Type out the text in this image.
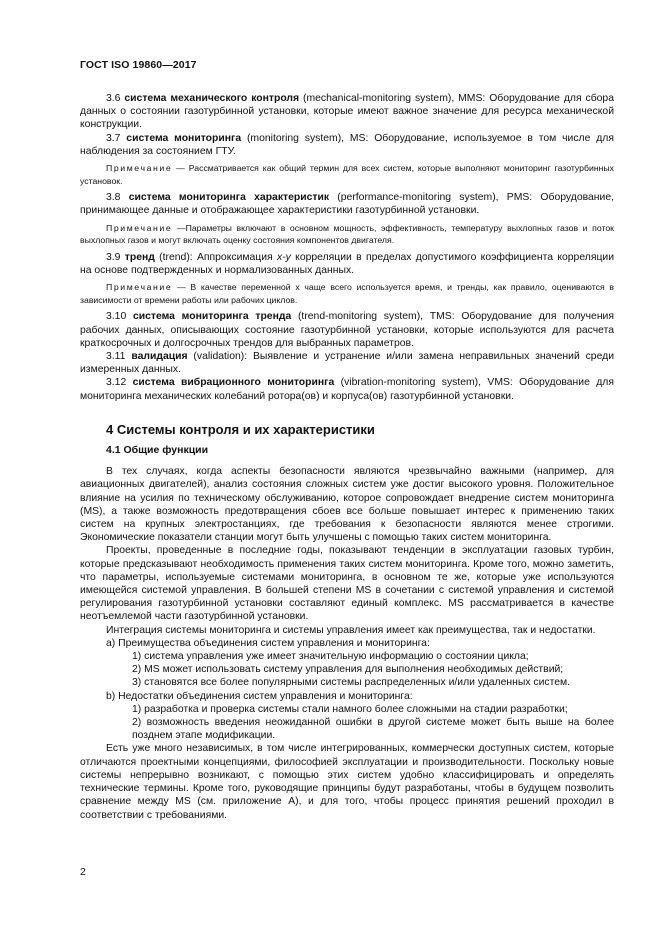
ГОСТ ISO 19860—2017

3.6 система механического контроля (mechanical-monitoring system), MMS: Оборудование для сбора данных о состоянии газотурбинной установки, которые имеют важное значение для ресурса механической конструкции.

3.7 система мониторинга (monitoring system), MS: Оборудование, используемое в том числе для наблюдения за состоянием ГТУ.

Примечание — Рассматривается как общий термин для всех систем, которые выполняют мониторинг газотурбинных установок.

3.8 система мониторинга характеристик (performance-monitoring system), PMS: Оборудование, принимающее данные и отображающее характеристики газотурбинной установки.

Примечание —Параметры включают в основном мощность, эффективность, температуру выхлопных газов и поток выхлопных газов и могут включать оценку состояния компонентов двигателя.

3.9 тренд (trend): Аппроксимация x-y корреляции в пределах допустимого коэффициента корреляции на основе подтвержденных и нормализованных данных.

Примечание — В качестве переменной x чаще всего используется время, и тренды, как правило, оцениваются в зависимости от времени работы или рабочих циклов.

3.10 система мониторинга тренда (trend-monitoring system), TMS: Оборудование для получения рабочих данных, описывающих состояние газотурбинной установки, которые используются для расчета краткосрочных и долгосрочных трендов для выбранных параметров.

3.11 валидация (validation): Выявление и устранение и/или замена неправильных значений среди измеренных данных.

3.12 система вибрационного мониторинга (vibration-monitoring system), VMS: Оборудование для мониторинга механических колебаний ротора(ов) и корпуса(ов) газотурбинной установки.

4 Системы контроля и их характеристики
4.1 Общие функции

В тех случаях, когда аспекты безопасности являются чрезвычайно важными (например, для авиационных двигателей), анализ состояния сложных систем уже достиг высокого уровня. Положительное влияние на усилия по техническому обслуживанию, которое сопровождает внедрение систем мониторинга (MS), а также возможность предотвращения сбоев все больше повышает интерес к применению таких систем на крупных электростанциях, где требования к безопасности являются менее строгими. Экономические показатели станции могут быть улучшены с помощью таких систем мониторинга.

Проекты, проведенные в последние годы, показывают тенденции в эксплуатации газовых турбин, которые предсказывают необходимость применения таких систем мониторинга. Кроме того, можно заметить, что параметры, используемые системами мониторинга, в основном те же, которые уже используются имеющейся системой управления. В большей степени MS в сочетании с системой управления и системой регулирования газотурбинной установки составляют единый комплекс. MS рассматривается в качестве неотъемлемой части газотурбинной установки.

Интеграция системы мониторинга и системы управления имеет как преимущества, так и недостатки.

а) Преимущества объединения систем управления и мониторинга:

1) система управления уже имеет значительную информацию о состоянии цикла;

2) MS может использовать систему управления для выполнения необходимых действий;

3) становятся все более популярными системы распределенных и/или удаленных систем.

b) Недостатки объединения систем управления и мониторинга:

1) разработка и проверка системы стали намного более сложными на стадии разработки;

2) возможность введения неожиданной ошибки в другой системе может быть выше на более позднем этапе модификации.

Есть уже много независимых, в том числе интегрированных, коммерчески доступных систем, которые отличаются проектными концепциями, философией эксплуатации и производительности. Поскольку новые системы непрерывно возникают, с помощью этих систем удобно классифицировать и определять технические термины. Кроме того, руководящие принципы будут разработаны, чтобы в будущем позволить сравнение между MS (см. приложение А), и для того, чтобы процесс принятия решений проходил в соответствии с требованиями.

2
